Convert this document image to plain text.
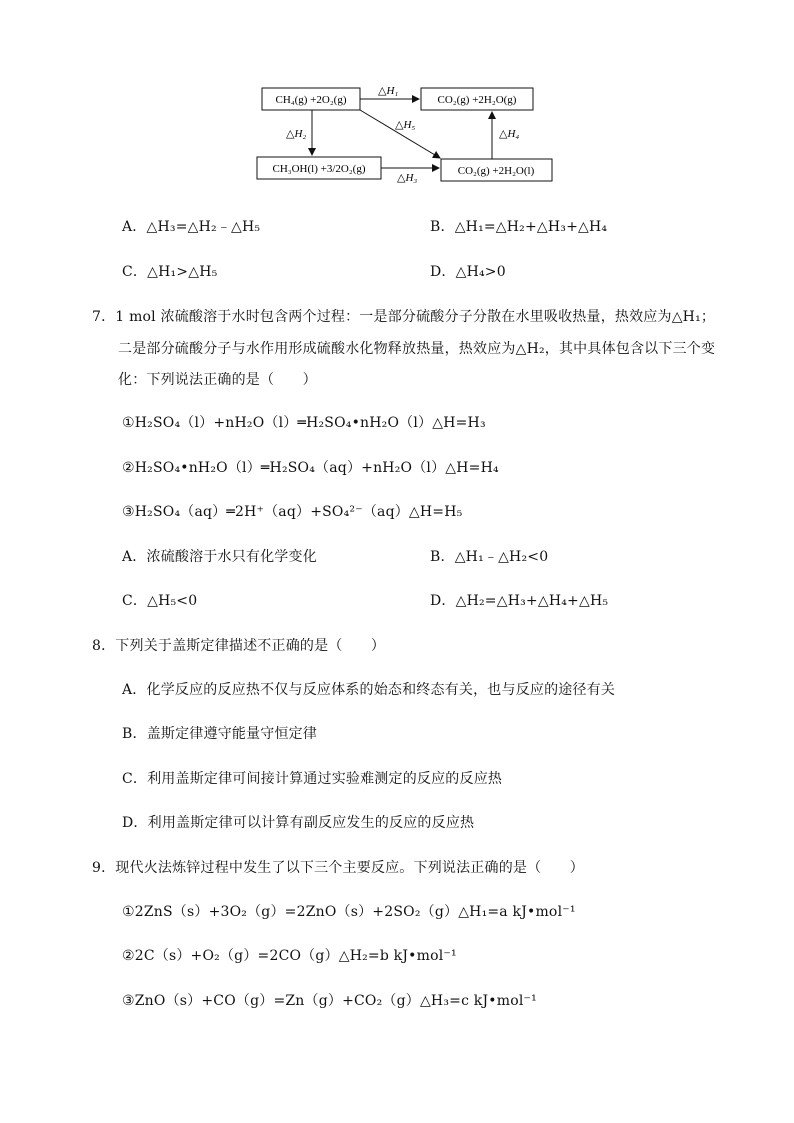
CH₄(g) +2O₂(g)	CO₂(g) +2H₂O(g)
CH₃OH(l) +3/2O₂(g)	CO₂(g) +2H₂O(l)
△H₁
△H₂
△H₃
△H₄
△H₅
A．△H₃=△H₂﹣△H₅	B．△H₁=△H₂+△H₃+△H₄
C．△H₁>△H₅	D．△H₄>0
7．1 mol 浓硫酸溶于水时包含两个过程：一是部分硫酸分子分散在水里吸收热量，热效应为△H₁；
二是部分硫酸分子与水作用形成硫酸水化物释放热量，热效应为△H₂，其中具体包含以下三个变
化：下列说法正确的是（　　）
①H₂SO₄（l）+nH₂O（l）═H₂SO₄•nH₂O（l）△H=H₃
②H₂SO₄•nH₂O（l）═H₂SO₄（aq）+nH₂O（l）△H=H₄
③H₂SO₄（aq）═2H⁺（aq）+SO₄²⁻（aq）△H=H₅
A．浓硫酸溶于水只有化学变化	B．△H₁﹣△H₂<0
C．△H₅<0	D．△H₂=△H₃+△H₄+△H₅
8．下列关于盖斯定律描述不正确的是（　　）
A．化学反应的反应热不仅与反应体系的始态和终态有关，也与反应的途径有关
B．盖斯定律遵守能量守恒定律
C．利用盖斯定律可间接计算通过实验难测定的反应的反应热
D．利用盖斯定律可以计算有副反应发生的反应的反应热
9．现代火法炼锌过程中发生了以下三个主要反应。下列说法正确的是（　　）
①2ZnS（s）+3O₂（g）=2ZnO（s）+2SO₂（g）△H₁=a kJ•mol⁻¹
②2C（s）+O₂（g）=2CO（g）△H₂=b kJ•mol⁻¹
③ZnO（s）+CO（g）=Zn（g）+CO₂（g）△H₃=c kJ•mol⁻¹
